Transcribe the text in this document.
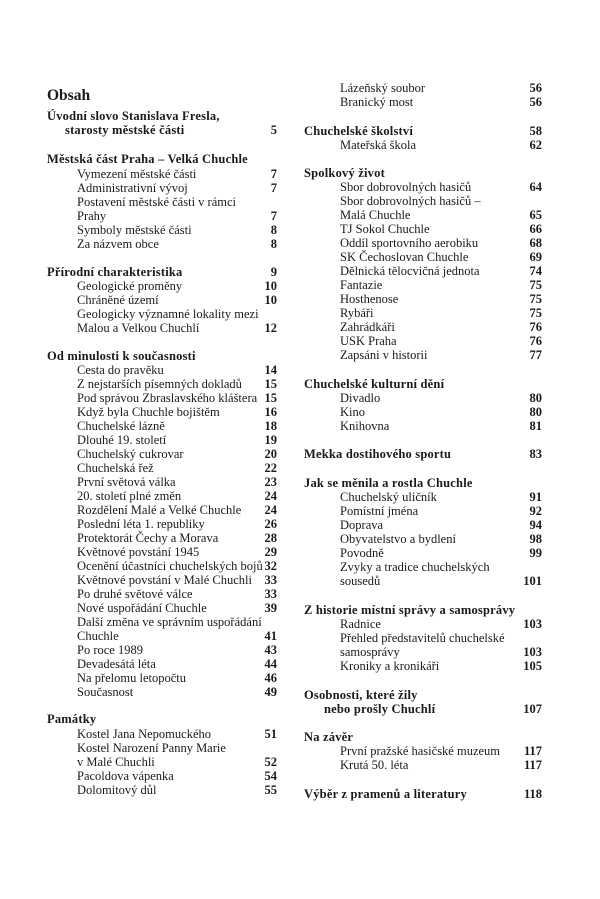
Obsah
Úvodní slovo Stanislava Fresla,
starosty městské části	5
Městská část Praha – Velká Chuchle
Vymezení městské části	7
Administrativní vývoj	7
Postavení městské části v rámci
Prahy	7
Symboly městské části	8
Za názvem obce	8
Přírodní charakteristika	9
Geologické proměny	10
Chráněné území	10
Geologicky významné lokality mezi
Malou a Velkou Chuchlí	12
Od minulosti k současnosti
Cesta do pravěku	14
Z nejstarších písemných dokladů 15
Pod správou Zbraslavského kláštera 15
Když byla Chuchle bojištěm	16
Chuchelské lázně	18
Dlouhé 19. století	19
Chuchelský cukrovar	20
Chuchelská řež	22
První světová válka	23
20. století plné změn	24
Rozdělení Malé a Velké Chuchle 24
Poslední léta 1. republiky	26
Protektorát Čechy a Morava	28
Květnové povstání 1945	29
Ocenění účastníci chuchelských bojů 32
Květnové povstání v Malé Chuchli 33
Po druhé světové válce	33
Nové uspořádání Chuchle	39
Další změna ve správním uspořádání
Chuchle	41
Po roce 1989	43
Devadesátá léta	44
Na přelomu letopočtu	46
Současnost	49
Památky
Kostel Jana Nepomuckého	51
Kostel Narození Panny Marie
v Malé Chuchli	52
Pacoldova vápenka	54
Dolomitový důl	55
Lázeňský soubor	56
Branický most	56
Chuchelské školství	58
Mateřská škola	62
Spolkový život
Sbor dobrovolných hasičů	64
Sbor dobrovolných hasičů –
Malá Chuchle	65
TJ Sokol Chuchle	66
Oddíl sportovního aerobiku	68
SK Čechoslovan Chuchle	69
Dělnická tělocvičná jednota	74
Fantazie	75
Hosthenose	75
Rybáři	75
Zahrádkáři	76
USK Praha	76
Zapsáni v historii	77
Chuchelské kulturní dění
Divadlo	80
Kino	80
Knihovna	81
Mekka dostihového sportu	83
Jak se měnila a rostla Chuchle
Chuchelský uličník	91
Pomístní jména	92
Doprava	94
Obyvatelstvo a bydlení	98
Povodně	99
Zvyky a tradice chuchelských
sousedů	101
Z historie místní správy a samosprávy
Radnice	103
Přehled představitelů chuchelské
samosprávy	103
Kroniky a kronikáři	105
Osobnosti, které žily
nebo prošly Chuchlí	107
Na závěr
První pražské hasičské muzeum 117
Krutá 50. léta	117
Výběr z pramenů a literatury	118
